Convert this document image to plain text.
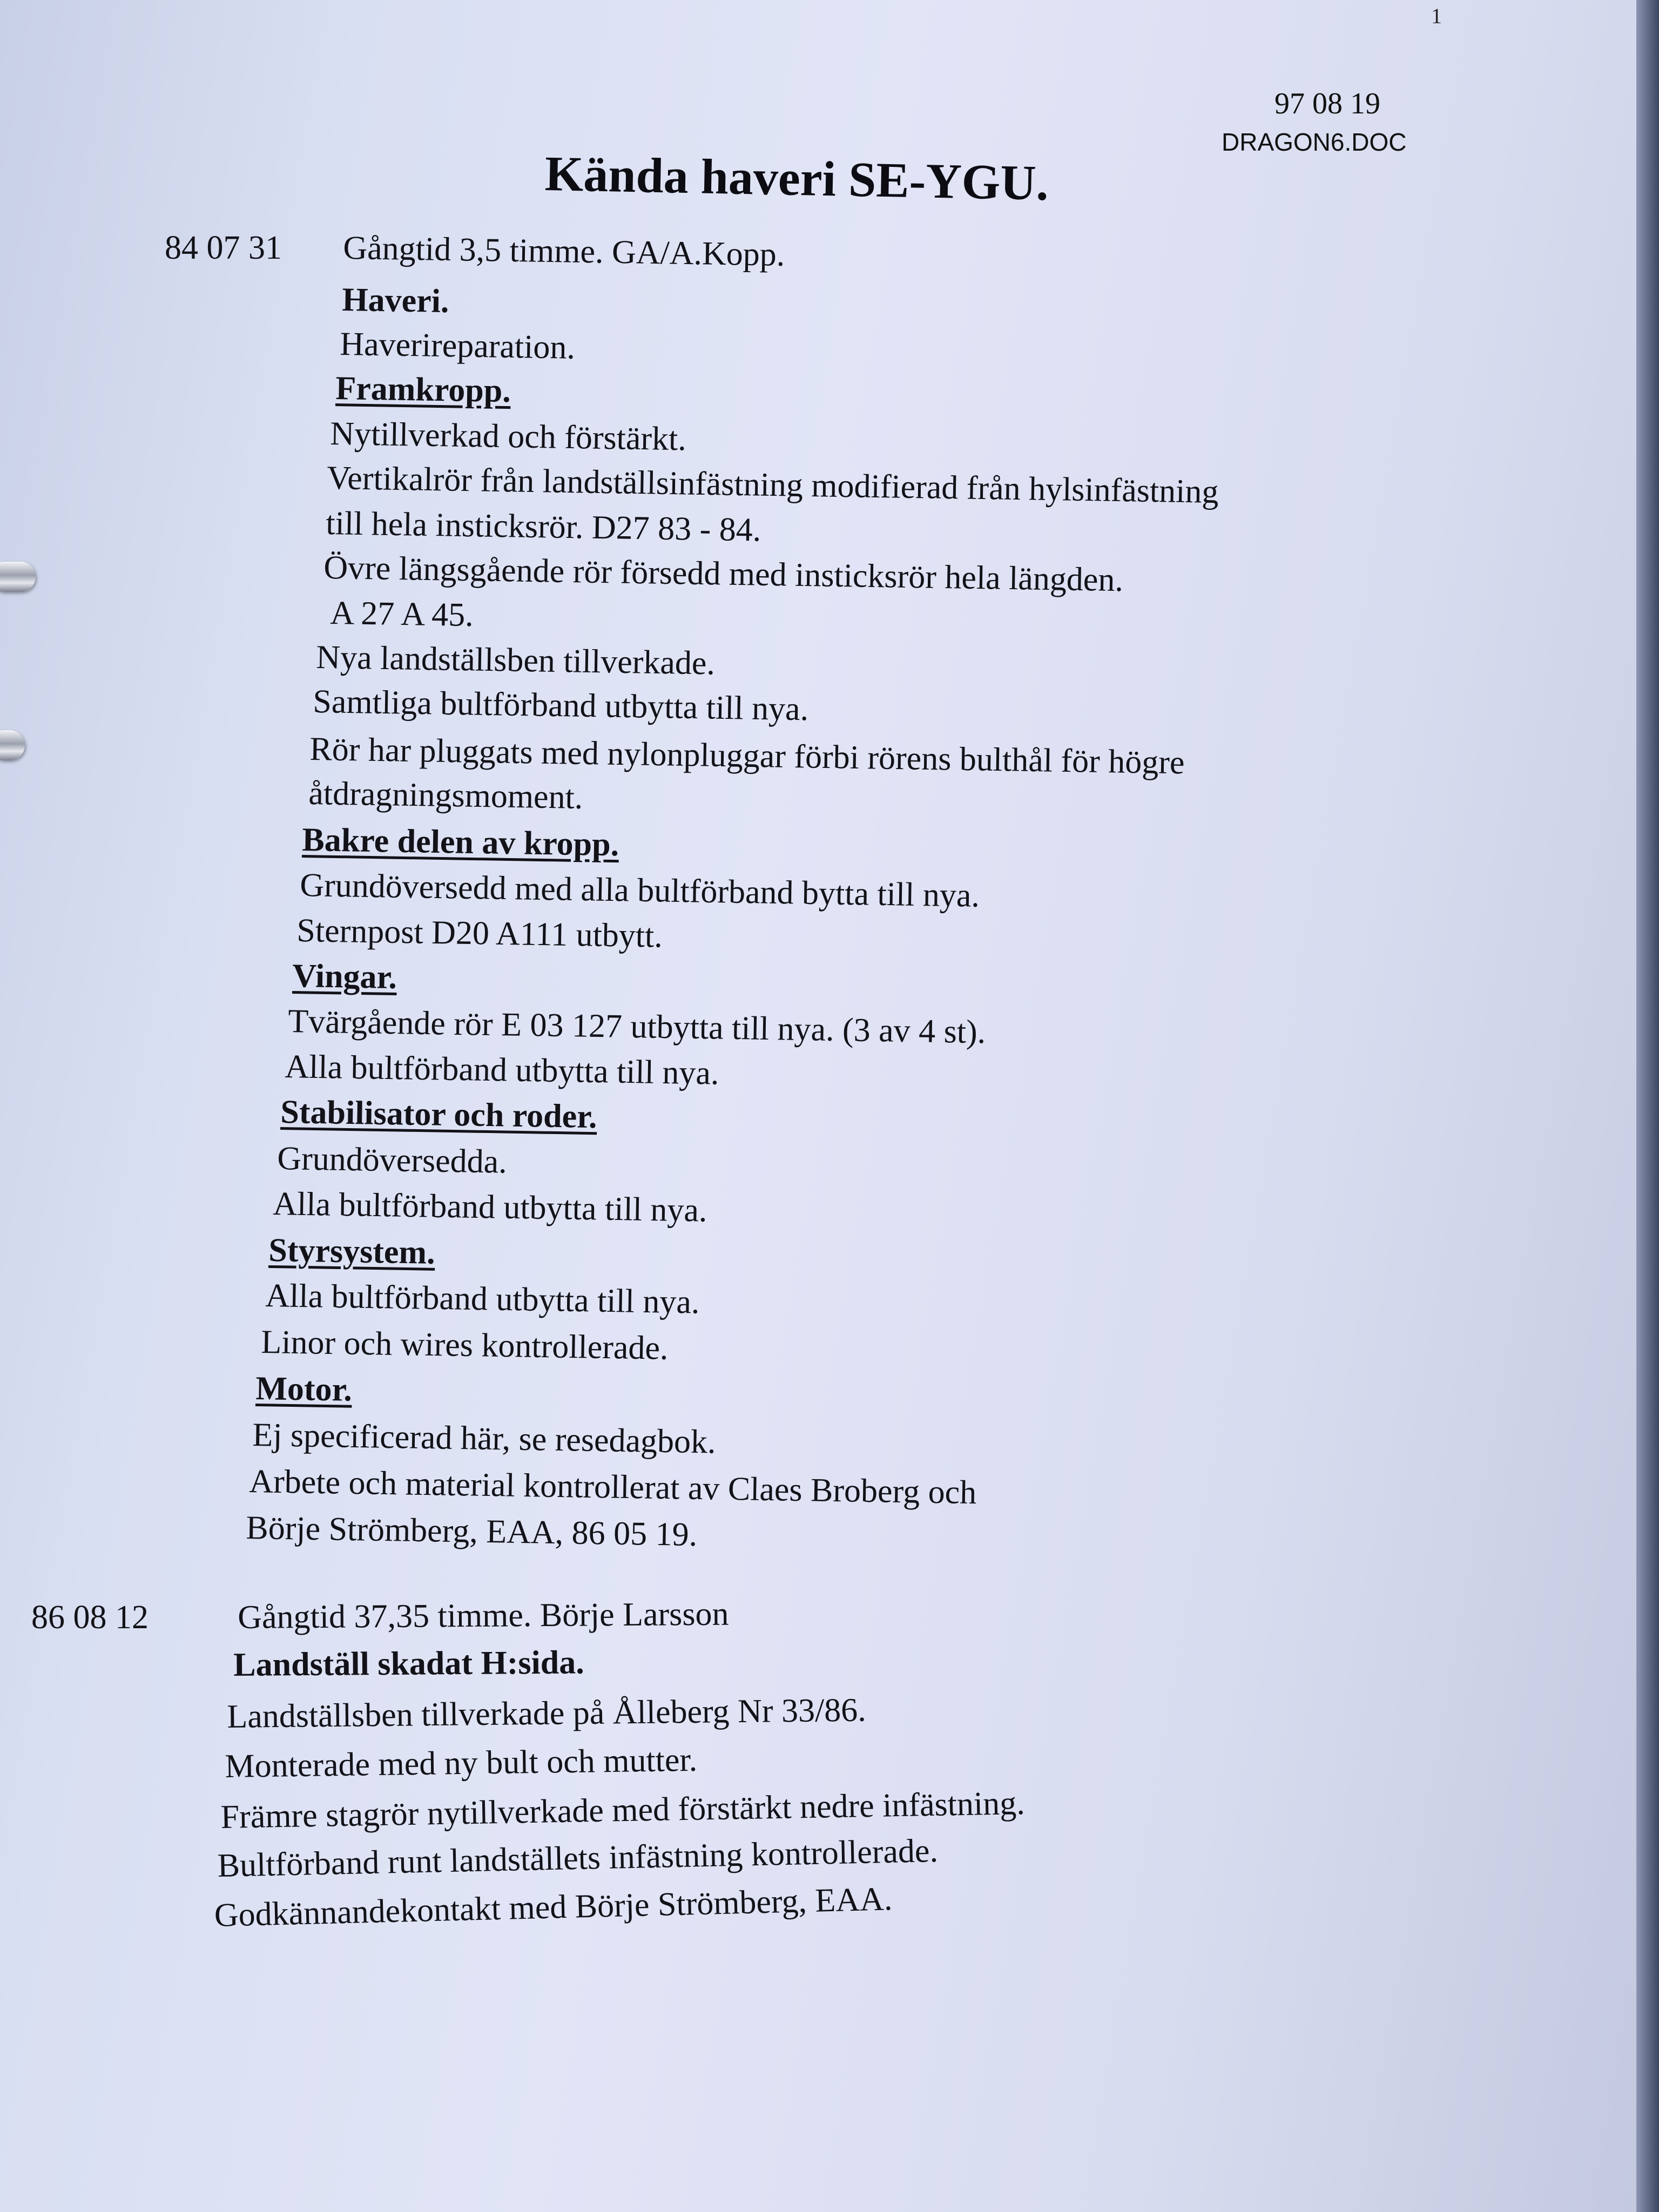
1
97 08 19
DRAGON6.DOC
Kända haveri SE-YGU.
84 07 31 Gångtid 3,5 timme. GA/A.Kopp.
Haveri.
Haverireparation.
Framkropp.
Nytillverkad och förstärkt.
Vertikalrör från landställsinfästning modifierad från hylsinfästning
till hela insticksrör. D27 83 - 84.
Övre längsgående rör försedd med insticksrör hela längden.
A 27 A 45.
Nya landställsben tillverkade.
Samtliga bultförband utbytta till nya.
Rör har pluggats med nylonpluggar förbi rörens bulthål för högre
åtdragningsmoment.
Bakre delen av kropp.
Grundöversedd med alla bultförband bytta till nya.
Sternpost D20 A111 utbytt.
Vingar.
Tvärgående rör E 03 127 utbytta till nya. (3 av 4 st).
Alla bultförband utbytta till nya.
Stabilisator och roder.
Grundöversedda.
Alla bultförband utbytta till nya.
Styrsystem.
Alla bultförband utbytta till nya.
Linor och wires kontrollerade.
Motor.
Ej specificerad här, se resedagbok.
Arbete och material kontrollerat av Claes Broberg och
Börje Strömberg, EAA, 86 05 19.
86 08 12	Gångtid 37,35 timme. Börje Larsson
Landställ skadat H:sida.
Landställsben tillverkade på Ålleberg Nr 33/86.
Monterade med ny bult och mutter.
Främre stagrör nytillverkade med förstärkt nedre infästning.
Bultförband runt landställets infästning kontrollerade.
Godkännandekontakt med Börje Strömberg, EAA.
